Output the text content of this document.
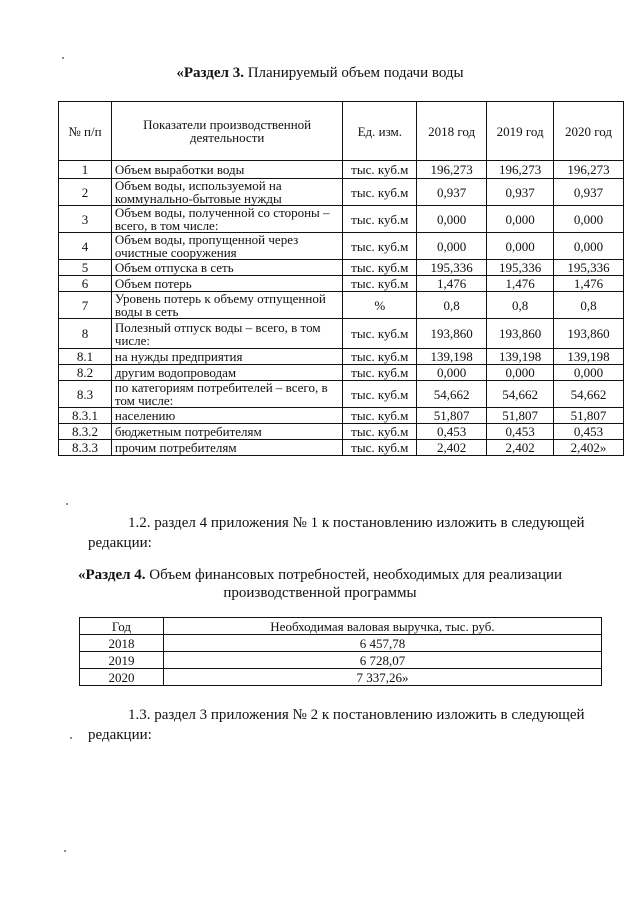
«Раздел 3. Планируемый объем подачи воды
№ п/п	Показатели производственной деятельности	Ед. изм.	2018 год	2019 год	2020 год
1	Объем выработки воды	тыс. куб.м	196,273	196,273	196,273
2	Объем воды, используемой на коммунально-бытовые нужды	тыс. куб.м	0,937	0,937	0,937
3	Объем воды, полученной со стороны – всего, в том числе:	тыс. куб.м	0,000	0,000	0,000
4	Объем воды, пропущенной через очистные сооружения	тыс. куб.м	0,000	0,000	0,000
5	Объем отпуска в сеть	тыс. куб.м	195,336	195,336	195,336
6	Объем потерь	тыс. куб.м	1,476	1,476	1,476
7	Уровень потерь к объему отпущенной воды в сеть	%	0,8	0,8	0,8
8	Полезный отпуск воды – всего, в том числе:	тыс. куб.м	193,860	193,860	193,860
8.1	на нужды предприятия	тыс. куб.м	139,198	139,198	139,198
8.2	другим водопроводам	тыс. куб.м	0,000	0,000	0,000
8.3	по категориям потребителей – всего, в том числе:	тыс. куб.м	54,662	54,662	54,662
8.3.1	населению	тыс. куб.м	51,807	51,807	51,807
8.3.2	бюджетным потребителям	тыс. куб.м	0,453	0,453	0,453
8.3.3	прочим потребителям	тыс. куб.м	2,402	2,402	2,402»
1.2. раздел 4 приложения № 1 к постановлению изложить в следующей редакции:
«Раздел 4. Объем финансовых потребностей, необходимых для реализации производственной программы
Год	Необходимая валовая выручка, тыс. руб.
2018	6 457,78
2019	6 728,07
2020	7 337,26»
1.3. раздел 3 приложения № 2 к постановлению изложить в следующей редакции:
